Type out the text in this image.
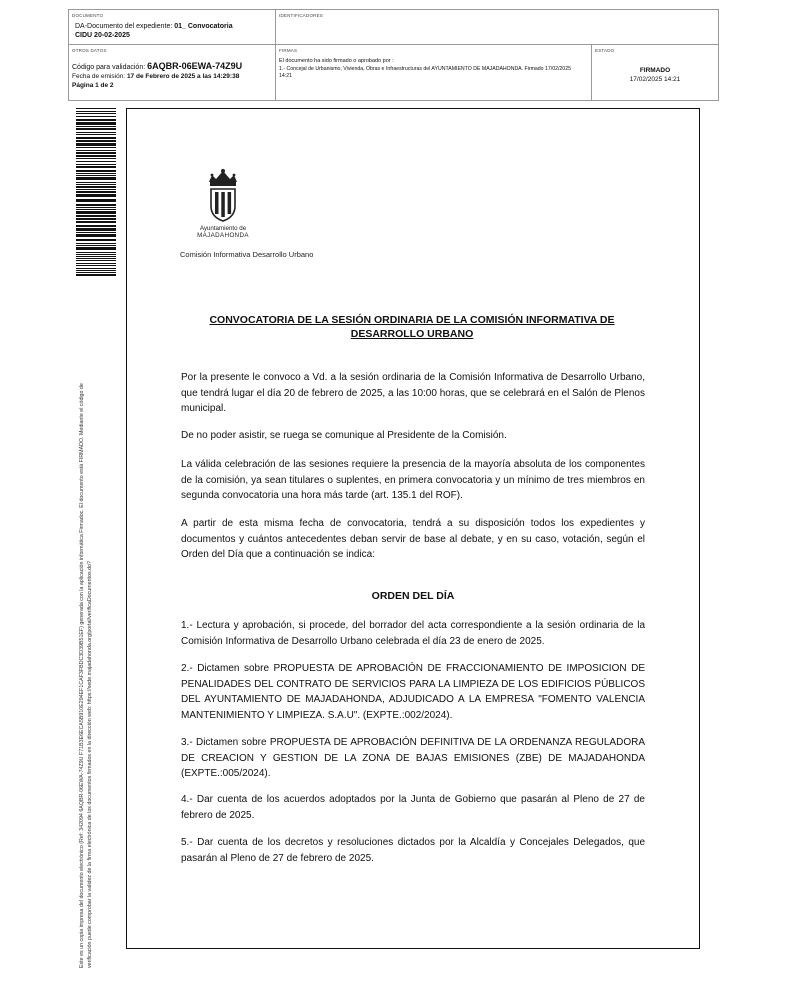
DOCUMENTO
DA-Documento del expediente: 01_ Convocatoria
CIDU 20-02-2025
IDENTIFICADORES
OTROS DATOS
Código para validación: 6AQBR-06EWA-74Z9U
Fecha de emisión: 17 de Febrero de 2025 a las 14:29:38
Página 1 de 2
FIRMAS
El documento ha sido firmado o aprobado por :
1.- Concejal de Urbanismo, Vivienda, Obras e Infraestructuras del AYUNTAMIENTO DE MAJADAHONDA. Firmado 17/02/2025 14:21
ESTADO
FIRMADO
17/02/2025 14:21
Este es un copia impresa del documento electrónico (Ref: 342094 6AQBR-06EWA-74Z9U F71B3E6ECA5B910E294EF1CAF3FBDC3D39B51EF) generada con la aplicación informática Firmadoc. El documento está FIRMADO. Mediante el código de verificación puede comprobar la validez de la firma electrónica de los documentos firmados en la dirección web: https://sede.majadahonda.org/portal/verificaDocumentos.do?
Ayuntamiento de
MAJADAHONDA
Comisión Informativa Desarrollo Urbano
CONVOCATORIA DE LA SESIÓN ORDINARIA DE LA COMISIÓN INFORMATIVA DE DESARROLLO URBANO
Por la presente le convoco a Vd. a la sesión ordinaria de la Comisión Informativa de Desarrollo Urbano, que tendrá lugar el día 20 de febrero de 2025, a las 10:00 horas, que se celebrará en el Salón de Plenos municipal.
De no poder asistir, se ruega se comunique al Presidente de la Comisión.
La válida celebración de las sesiones requiere la presencia de la mayoría absoluta de los componentes de la comisión, ya sean titulares o suplentes, en primera convocatoria y un mínimo de tres miembros en segunda convocatoria una hora más tarde (art. 135.1 del ROF).
A partir de esta misma fecha de convocatoria, tendrá a su disposición todos los expedientes y documentos y cuántos antecedentes deban servir de base al debate, y en su caso, votación, según el Orden del Día que a continuación se indica:
ORDEN DEL DÍA
1.- Lectura y aprobación, si procede, del borrador del acta correspondiente a la sesión ordinaria de la Comisión Informativa de Desarrollo Urbano celebrada el día 23 de enero de 2025.
2.- Dictamen sobre PROPUESTA DE APROBACIÓN DE FRACCIONAMIENTO DE IMPOSICION DE PENALIDADES DEL CONTRATO DE SERVICIOS PARA LA LIMPIEZA DE LOS EDIFICIOS PÚBLICOS DEL AYUNTAMIENTO DE MAJADAHONDA, ADJUDICADO A LA EMPRESA "FOMENTO VALENCIA MANTENIMIENTO Y LIMPIEZA. S.A.U". (EXPTE.:002/2024).
3.- Dictamen sobre PROPUESTA DE APROBACIÓN DEFINITIVA DE LA ORDENANZA REGULADORA DE CREACION Y GESTION DE LA ZONA DE BAJAS EMISIONES (ZBE) DE MAJADAHONDA (EXPTE.:005/2024).
4.- Dar cuenta de los acuerdos adoptados por la Junta de Gobierno que pasarán al Pleno de 27 de febrero de 2025.
5.- Dar cuenta de los decretos y resoluciones dictados por la Alcaldía y Concejales Delegados, que pasarán al Pleno de 27 de febrero de 2025.
